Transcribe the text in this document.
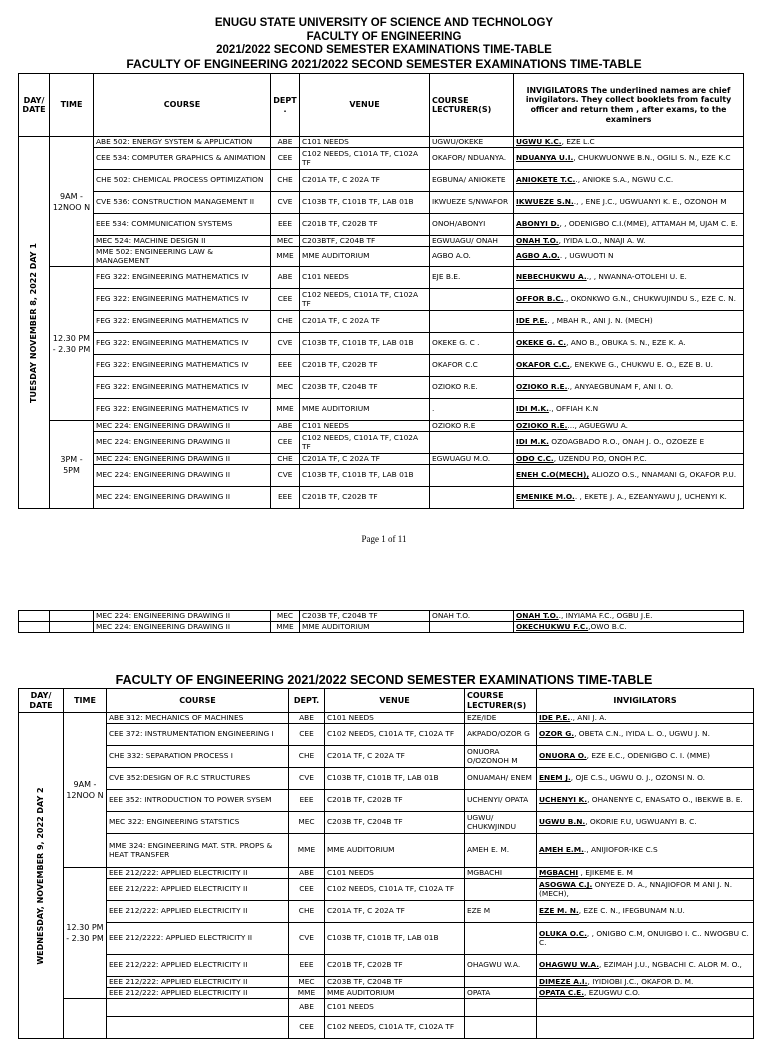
ENUGU STATE UNIVERSITY OF SCIENCE AND TECHNOLOGY
FACULTY OF ENGINEERING
2021/2022 SECOND SEMESTER EXAMINATIONS TIME-TABLE
FACULTY OF ENGINEERING 2021/2022 SECOND SEMESTER EXAMINATIONS TIME-TABLE
DAY/ DATE	TIME	COURSE	DEPT .	VENUE	COURSE LECTURER(S)	INVIGILATORS The underlined names are chief invigilators. They collect booklets from faculty officer and return them , after exams, to the examiners

TUESDAY NOVEMBER 8, 2022 DAY 1	9AM - 12NOO N	ABE 502: ENERGY SYSTEM & APPLICATION	ABE	C101 NEEDS	UGWU/OKEKE	UGWU K.C., EZE L.C
		CEE 534: COMPUTER GRAPHICS & ANIMATION	CEE	C102 NEEDS, C101A TF, C102A TF	OKAFOR/ NDUANYA.	NDUANYA U.I., CHUKWUONWE B.N., OGILI S. N., EZE K.C
		CHE 502: CHEMICAL PROCESS OPTIMIZATION	CHE	C201A TF, C 202A TF	EGBUNA/ ANIOKETE	ANIOKETE T.C.., ANIOKE S.A., NGWU C.C.
		CVE 536: CONSTRUCTION MANAGEMENT II	CVE	C103B TF, C101B TF, LAB 01B	IKWUEZE S/NWAFOR	IKWUEZE S.N.., , ENE J.C., UGWUANYI K. E., OZONOH M
		EEE 534: COMMUNICATION SYSTEMS	EEE	C201B TF, C202B TF	ONOH/ABONYI	ABONYI D., , ODENIGBO C.I.(MME), ATTAMAH M, UJAM C. E.
		MEC 524: MACHINE DESIGN II	MEC	C203BTF, C204B TF	EGWUAGU/ ONAH	ONAH T.O., IYIDA L.O., NNAJI A. W.
		MME 502: ENGINEERING LAW & MANAGEMENT	MME	MME AUDITORIUM	AGBO A.O.	AGBO A.O.. , UGWUOTI N
	12.30 PM - 2.30 PM	FEG 322: ENGINEERING MATHEMATICS IV	ABE	C101 NEEDS	EJE B.E.	NEBECHUKWU A.., , NWANNA-OTOLEHI U. E.
		FEG 322: ENGINEERING MATHEMATICS IV	CEE	C102 NEEDS, C101A TF, C102A TF		OFFOR B.C.., OKONKWO G.N., CHUKWUJINDU S., EZE C. N.
		FEG 322: ENGINEERING MATHEMATICS IV	CHE	C201A TF, C 202A TF		IDE P.E.. , MBAH R., ANI J. N. (MECH)
		FEG 322: ENGINEERING MATHEMATICS IV	CVE	C103B TF, C101B TF, LAB 01B	OKEKE G. C .	OKEKE G. C., ANO B., OBUKA S. N., EZE K. A.
		FEG 322: ENGINEERING MATHEMATICS IV	EEE	C201B TF, C202B TF	OKAFOR C.C	OKAFOR C.C., ENEKWE G., CHUKWU E. O., EZE B. U.
		FEG 322: ENGINEERING MATHEMATICS IV	MEC	C203B TF, C204B TF	OZIOKO R.E.	OZIOKO R.E.., ANYAEGBUNAM F, ANI I. O.
		FEG 322: ENGINEERING MATHEMATICS IV	MME	MME AUDITORIUM	.	IDI M.K.., OFFIAH K.N
	3PM - 5PM	MEC 224: ENGINEERING DRAWING II	ABE	C101 NEEDS	OZIOKO R.E	OZIOKO R.E...., AGUEGWU A.
		MEC 224: ENGINEERING DRAWING II	CEE	C102 NEEDS, C101A TF, C102A TF		IDI M.K. OZOAGBADO R.O., ONAH J. O., OZOEZE E
		MEC 224: ENGINEERING DRAWING II	CHE	C201A TF, C 202A TF	EGWUAGU M.O.	ODO C.C., UZENDU P.O, ONOH P.C.
		MEC 224: ENGINEERING DRAWING II	CVE	C103B TF, C101B TF, LAB 01B		ENEH C.O(MECH), ALIOZO O.S., NNAMANI G, OKAFOR P.U.
		MEC 224: ENGINEERING DRAWING II	EEE	C201B TF, C202B TF		EMENIKE M.O.. , EKETE J. A., EZEANYAWU J, UCHENYI K.
Page 1 of 11
		MEC 224: ENGINEERING DRAWING II	MEC	C203B TF, C204B TF	ONAH T.O.	ONAH T.O.., INYIAMA F.C., OGBU J.E.
		MEC 224: ENGINEERING DRAWING II	MME	MME AUDITORIUM		OKECHUKWU F.C.,OWO B.C.
FACULTY OF ENGINEERING 2021/2022 SECOND SEMESTER EXAMINATIONS TIME-TABLE
DAY/ DATE	TIME	COURSE	DEPT.	VENUE	COURSE LECTURER(S)	INVIGILATORS

WEDNESDAY, NOVEMBER 9, 2022 DAY 2	9AM - 12NOO N	ABE 312: MECHANICS OF MACHINES	ABE	C101 NEEDS	EZE/IDE	IDE P.E.., ANI J. A.
		CEE 372: INSTRUMENTATION ENGINEERING I	CEE	C102 NEEDS, C101A TF, C102A TF	AKPADO/OZOR G	OZOR G., OBETA C.N., IYIDA L. O., UGWU J. N.
		CHE 332: SEPARATION PROCESS I	CHE	C201A TF, C 202A TF	ONUORA O/OZONOH M	ONUORA O., EZE E.C., ODENIGBO C. I. (MME)
		CVE 352:DESIGN OF R.C STRUCTURES	CVE	C103B TF, C101B TF, LAB 01B	ONUAMAH/ ENEM	ENEM J., OJE C.S., UGWU O. J., OZONSI N. O.
		EEE 352: INTRODUCTION TO POWER SYSEM	EEE	C201B TF, C202B TF	UCHENYI/ OPATA	UCHENYI K., OHANENYE C, ENASATO O., IBEKWE B. E.
		MEC 322: ENGINEERING STATSTICS	MEC	C203B TF, C204B TF	UGWU/ CHUKWJINDU	UGWU B.N., OKORIE F.U, UGWUANYI B. C.
		MME 324: ENGINEERING MAT. STR. PROPS & HEAT TRANSFER	MME	MME AUDITORIUM	AMEH E. M.	AMEH E.M.., ANIJIOFOR-IKE C.S
	12.30 PM - 2.30 PM	EEE 212/222: APPLIED ELECTRICITY II	ABE	C101 NEEDS	MGBACHI	MGBACHI , EJIKEME E. M
		EEE 212/222: APPLIED ELECTRICITY II	CEE	C102 NEEDS, C101A TF, C102A TF		ASOGWA C.J. ONYEZE D. A., NNAJIOFOR M ANI J. N.(MECH),
		EEE 212/222: APPLIED ELECTRICITY II	CHE	C201A TF, C 202A TF	EZE M	EZE M. N., EZE C. N., IFEGBUNAM N.U.
		EEE 212/2222: APPLIED ELECTRICITY II	CVE	C103B TF, C101B TF, LAB 01B		OLUKA O.C., , ONIGBO C.M, ONUIGBO I. C.. NWOGBU C. C.
		EEE 212/222: APPLIED ELECTRICITY II	EEE	C201B TF, C202B TF	OHAGWU W.A.	OHAGWU W.A., EZIMAH J.U., NGBACHI C. ALOR M. O.,
		EEE 212/222: APPLIED ELECTRICITY II	MEC	C203B TF, C204B TF		DIMEZE A.I., IYIDIOBI J.C., OKAFOR D. M.
		EEE 212/222: APPLIED ELECTRICITY II	MME	MME AUDITORIUM	OPATA	OPATA C.E., EZUGWU C.O.
			ABE	C101 NEEDS		
			CEE	C102 NEEDS, C101A TF, C102A TF		
